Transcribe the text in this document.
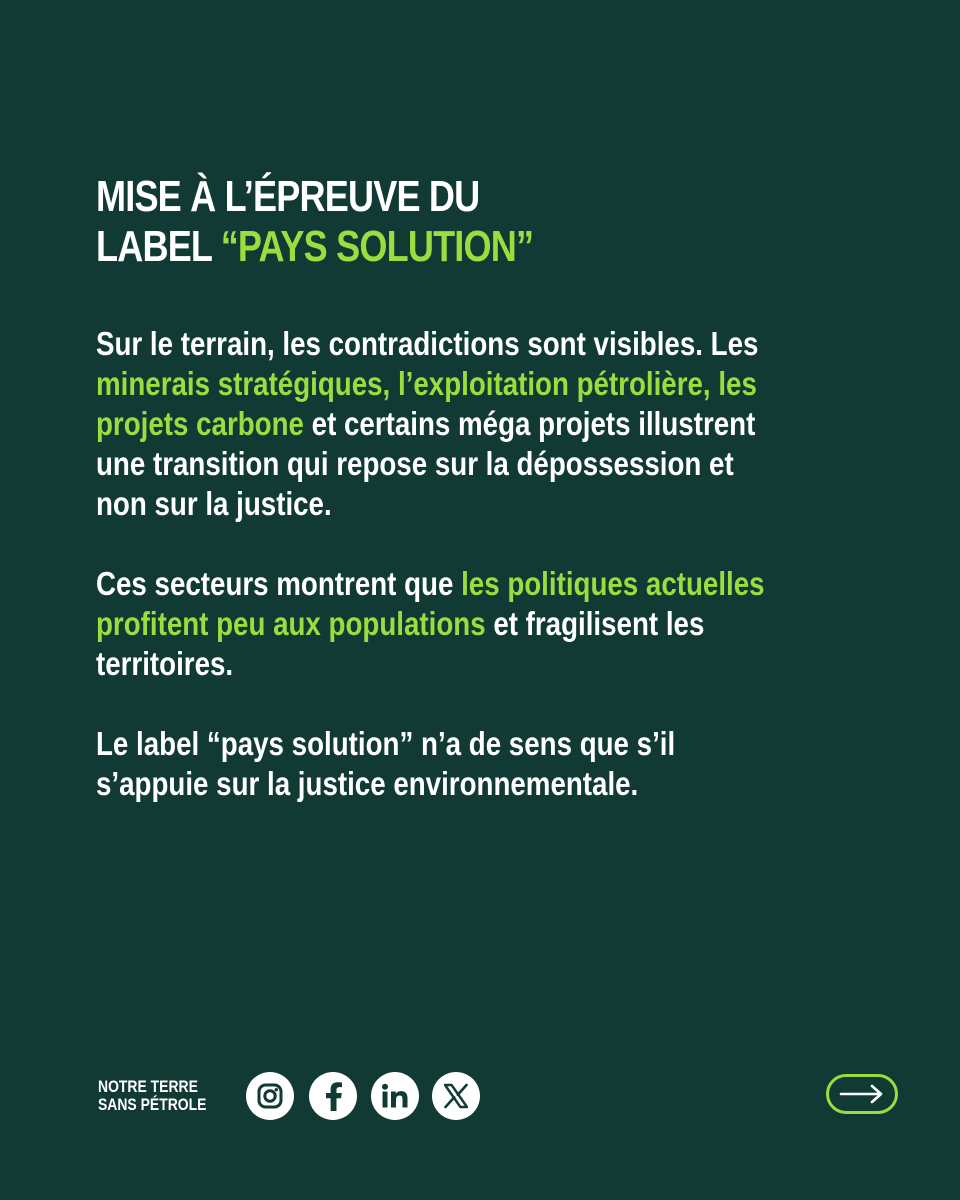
MISE À L’ÉPREUVE DU
LABEL “PAYS SOLUTION”

Sur le terrain, les contradictions sont visibles. Les
minerais stratégiques, l’exploitation pétrolière, les
projets carbone et certains méga projets illustrent
une transition qui repose sur la dépossession et
non sur la justice.

Ces secteurs montrent que les politiques actuelles
profitent peu aux populations et fragilisent les
territoires.

Le label “pays solution” n’a de sens que s’il
s’appuie sur la justice environnementale.

NOTRE TERRE
SANS PÉTROLE
